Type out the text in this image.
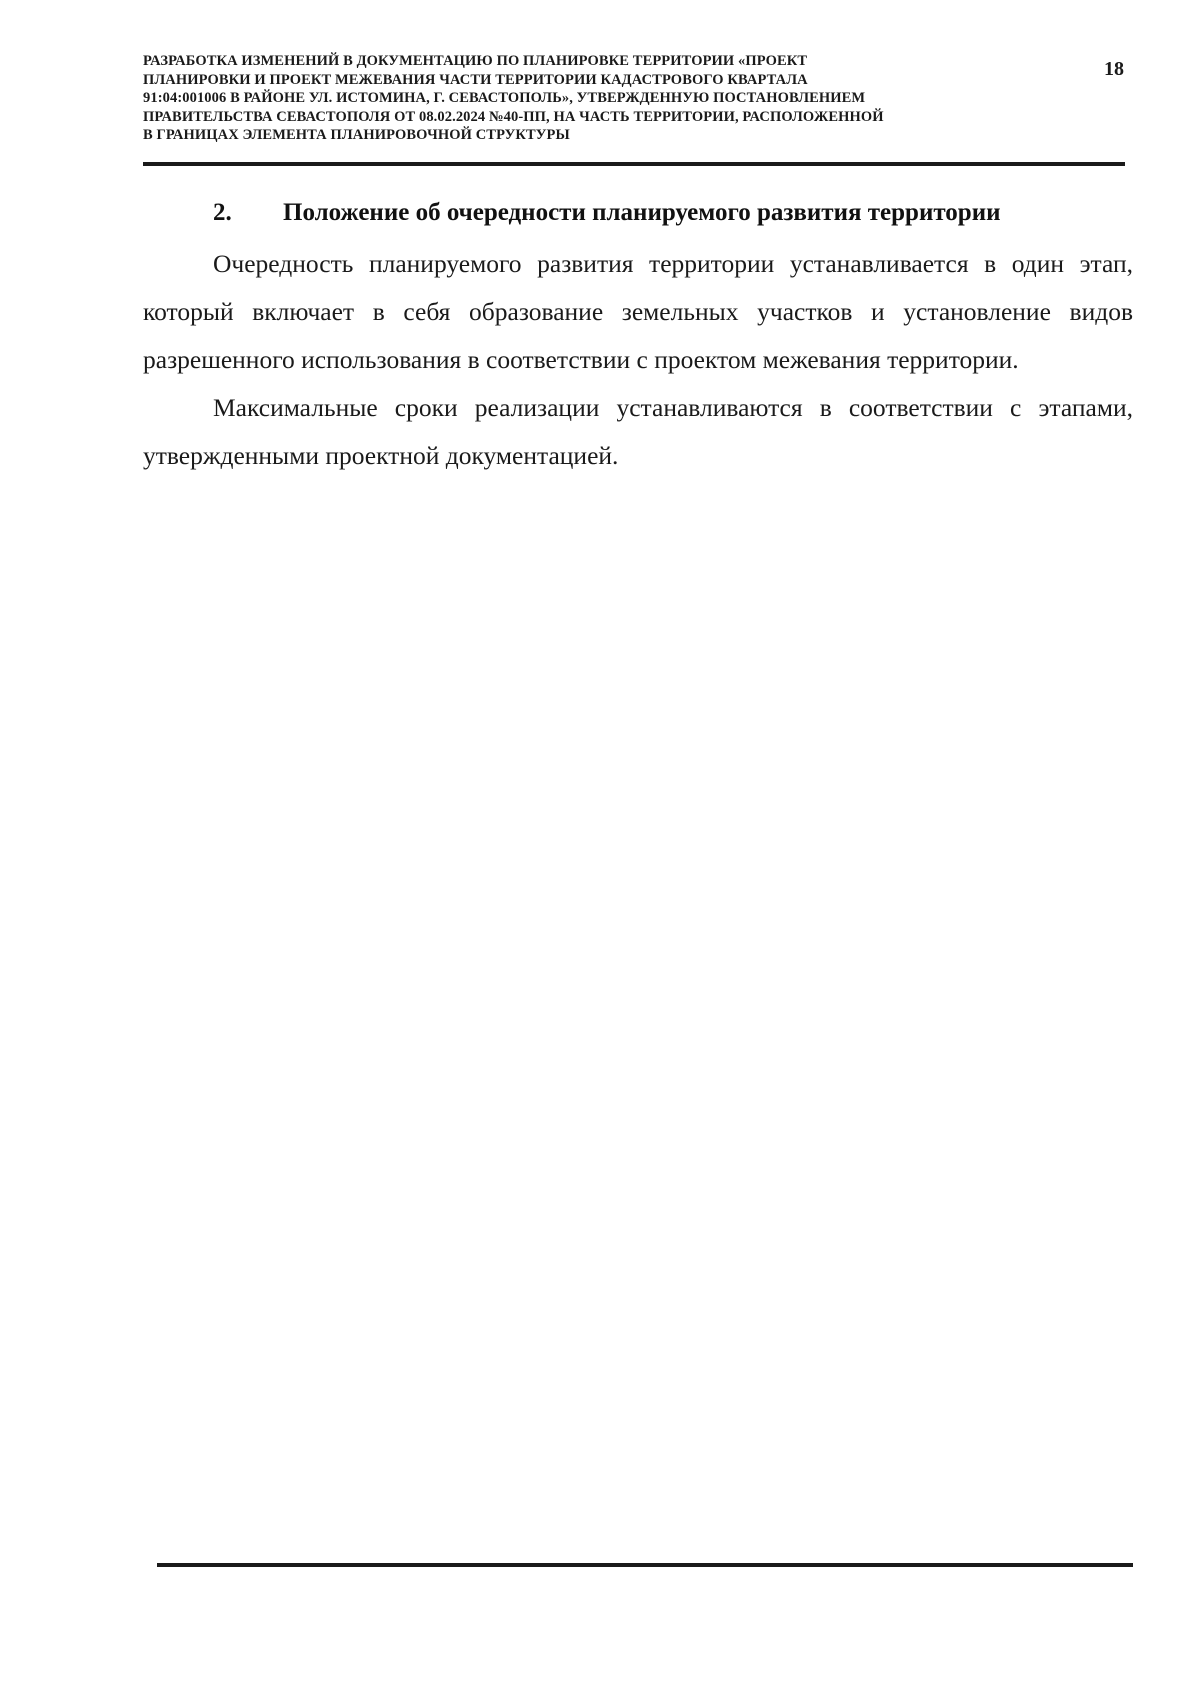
РАЗРАБОТКА ИЗМЕНЕНИЙ В ДОКУМЕНТАЦИЮ ПО ПЛАНИРОВКЕ ТЕРРИТОРИИ «ПРОЕКТ
ПЛАНИРОВКИ И ПРОЕКТ МЕЖЕВАНИЯ ЧАСТИ ТЕРРИТОРИИ КАДАСТРОВОГО КВАРТАЛА
91:04:001006 В РАЙОНЕ УЛ. ИСТОМИНА, Г. СЕВАСТОПОЛЬ», УТВЕРЖДЕННУЮ ПОСТАНОВЛЕНИЕМ
ПРАВИТЕЛЬСТВА СЕВАСТОПОЛЯ ОТ 08.02.2024 №40-ПП, НА ЧАСТЬ ТЕРРИТОРИИ, РАСПОЛОЖЕННОЙ
В ГРАНИЦАХ ЭЛЕМЕНТА ПЛАНИРОВОЧНОЙ СТРУКТУРЫ
18
2. Положение об очередности планируемого развития территории

Очередность планируемого развития территории устанавливается в один этап, который включает в себя образование земельных участков и установление видов разрешенного использования в соответствии с проектом межевания территории.

Максимальные сроки реализации устанавливаются в соответствии с этапами, утвержденными проектной документацией.
